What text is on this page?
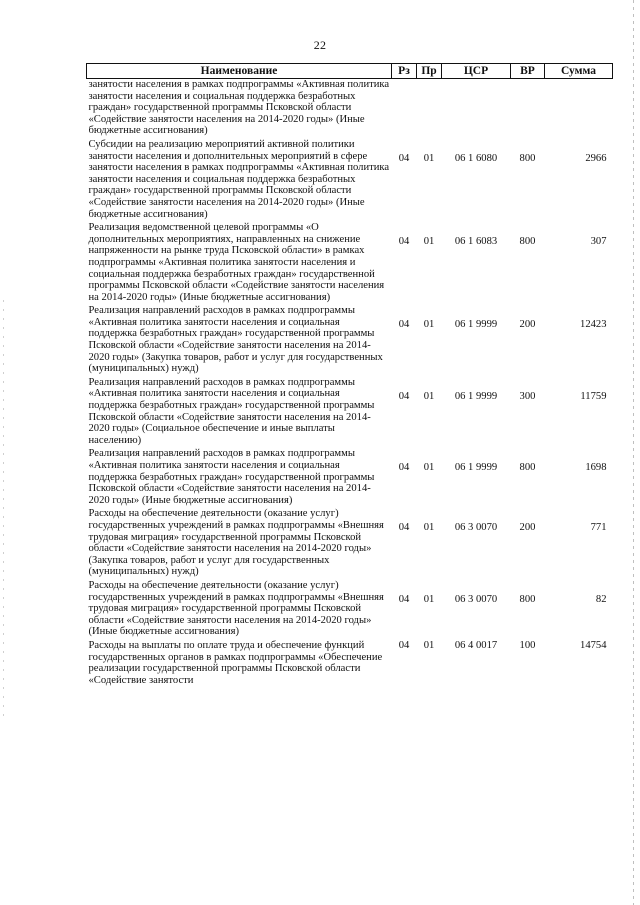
22
Наименование	Рз	Пр	ЦСР	ВР	Сумма
занятости населения в рамках подпрограммы «Активная политика занятости населения и социальная поддержка безработных граждан» государственной программы Псковской области «Содействие занятости населения на 2014-2020 годы» (Иные бюджетные ассигнования)					
Субсидии на реализацию мероприятий активной политики занятости населения и дополнительных мероприятий в сфере занятости населения в рамках подпрограммы «Активная политика занятости населения и социальная поддержка безработных граждан» государственной программы Псковской области «Содействие занятости населения на 2014-2020 годы» (Иные бюджетные ассигнования)	04	01	06 1 6080	800	2966
Реализация ведомственной целевой программы «О дополнительных мероприятиях, направленных на снижение напряженности на рынке труда Псковской области» в рамках подпрограммы «Активная политика занятости населения и социальная поддержка безработных граждан» государственной программы Псковской области «Содействие занятости населения на 2014-2020 годы» (Иные бюджетные ассигнования)	04	01	06 1 6083	800	307
Реализация направлений расходов в рамках подпрограммы «Активная политика занятости населения и социальная поддержка безработных граждан» государственной программы Псковской области «Содействие занятости населения на 2014-2020 годы» (Закупка товаров, работ и услуг для государственных (муниципальных) нужд)	04	01	06 1 9999	200	12423
Реализация направлений расходов в рамках подпрограммы «Активная политика занятости населения и социальная поддержка безработных граждан» государственной программы Псковской области «Содействие занятости населения на 2014-2020 годы» (Социальное обеспечение и иные выплаты населению)	04	01	06 1 9999	300	11759
Реализация направлений расходов в рамках подпрограммы «Активная политика занятости населения и социальная поддержка безработных граждан» государственной программы Псковской области «Содействие занятости населения на 2014-2020 годы» (Иные бюджетные ассигнования)	04	01	06 1 9999	800	1698
Расходы на обеспечение деятельности (оказание услуг) государственных учреждений в рамках подпрограммы «Внешняя трудовая миграция» государственной программы Псковской области «Содействие занятости населения на 2014-2020 годы» (Закупка товаров, работ и услуг для государственных (муниципальных) нужд)	04	01	06 3 0070	200	771
Расходы на обеспечение деятельности (оказание услуг) государственных учреждений в рамках подпрограммы «Внешняя трудовая миграция» государственной программы Псковской области «Содействие занятости населения на 2014-2020 годы» (Иные бюджетные ассигнования)	04	01	06 3 0070	800	82
Расходы на выплаты по оплате труда и обеспечение функций государственных органов в рамках подпрограммы «Обеспечение реализации государственной программы Псковской области «Содействие занятости	04	01	06 4 0017	100	14754
